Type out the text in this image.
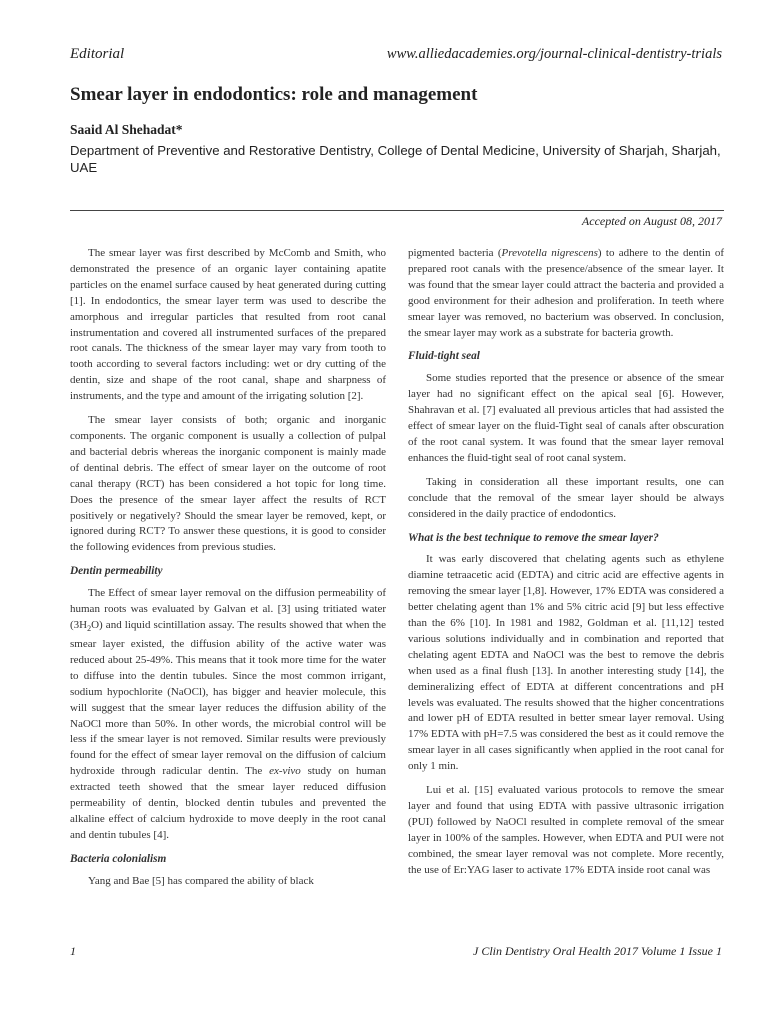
Editorial	www.alliedacademies.org/journal-clinical-dentistry-trials
Smear layer in endodontics: role and management
Saaid Al Shehadat*
Department of Preventive and Restorative Dentistry, College of Dental Medicine, University of Sharjah, Sharjah, UAE
Accepted on August 08, 2017

The smear layer was first described by McComb and Smith, who demonstrated the presence of an organic layer containing apatite particles on the enamel surface caused by heat generated during cutting [1]. In endodontics, the smear layer term was used to describe the amorphous and irregular particles that resulted from root canal instrumentation and covered all instrumented surfaces of the prepared root canals. The thickness of the smear layer may vary from tooth to tooth according to several factors including: wet or dry cutting of the dentin, size and shape of the root canal, shape and sharpness of instruments, and the type and amount of the irrigating solution [2].

The smear layer consists of both; organic and inorganic components. The organic component is usually a collection of pulpal and bacterial debris whereas the inorganic component is mainly made of dentinal debris. The effect of smear layer on the outcome of root canal therapy (RCT) has been considered a hot topic for long time. Does the presence of the smear layer affect the results of RCT positively or negatively? Should the smear layer be removed, kept, or ignored during RCT? To answer these questions, it is good to consider the following evidences from previous studies.

Dentin permeability

The Effect of smear layer removal on the diffusion permeability of human roots was evaluated by Galvan et al. [3] using tritiated water $(3H_2O)$ and liquid scintillation assay. The results showed that when the smear layer existed, the diffusion ability of the active water was reduced about 25-49%. This means that it took more time for the water to diffuse into the dentin tubules. Since the most common irrigant, sodium hypochlorite (NaOCl), has bigger and heavier molecule, this will suggest that the smear layer reduces the diffusion ability of the NaOCl more than 50%. In other words, the microbial control will be less if the smear layer is not removed. Similar results were previously found for the effect of smear layer removal on the diffusion of calcium hydroxide through radicular dentin. The ex-vivo study on human extracted teeth showed that the smear layer reduced diffusion permeability of dentin, blocked dentin tubules and prevented the alkaline effect of calcium hydroxide to move deeply in the root canal and dentin tubules [4].

Bacteria colonialism

Yang and Bae [5] has compared the ability of black

pigmented bacteria (Prevotella nigrescens) to adhere to the dentin of prepared root canals with the presence/absence of the smear layer. It was found that the smear layer could attract the bacteria and provided a good environment for their adhesion and proliferation. In teeth where smear layer was removed, no bacterium was observed. In conclusion, the smear layer may work as a substrate for bacteria growth.

Fluid-tight seal

Some studies reported that the presence or absence of the smear layer had no significant effect on the apical seal [6]. However, Shahravan et al. [7] evaluated all previous articles that had assisted the effect of smear layer on the fluid-Tight seal of canals after obscuration of the root canal system. It was found that the smear layer removal enhances the fluid-tight seal of root canal system.

Taking in consideration all these important results, one can conclude that the removal of the smear layer should be always considered in the daily practice of endodontics.

What is the best technique to remove the smear layer?

It was early discovered that chelating agents such as ethylene diamine tetraacetic acid (EDTA) and citric acid are effective agents in removing the smear layer [1,8]. However, 17% EDTA was considered a better chelating agent than 1% and 5% citric acid [9] but less effective than the 6% [10]. In 1981 and 1982, Goldman et al. [11,12] tested various solutions individually and in combination and reported that chelating agent EDTA and NaOCl was the best to remove the debris when used as a final flush [13]. In another interesting study [14], the demineralizing effect of EDTA at different concentrations and pH levels was evaluated. The results showed that the higher concentrations and lower pH of EDTA resulted in better smear layer removal. Using 17% EDTA with pH=7.5 was considered the best as it could remove the smear layer in all cases significantly when applied in the root canal for only 1 min.

Lui et al. [15] evaluated various protocols to remove the smear layer and found that using EDTA with passive ultrasonic irrigation (PUI) followed by NaOCl resulted in complete removal of the smear layer in 100% of the samples. However, when EDTA and PUI were not combined, the smear layer removal was not complete. More recently, the use of Er:YAG laser to activate 17% EDTA inside root canal was

1	J Clin Dentistry Oral Health 2017 Volume 1 Issue 1
